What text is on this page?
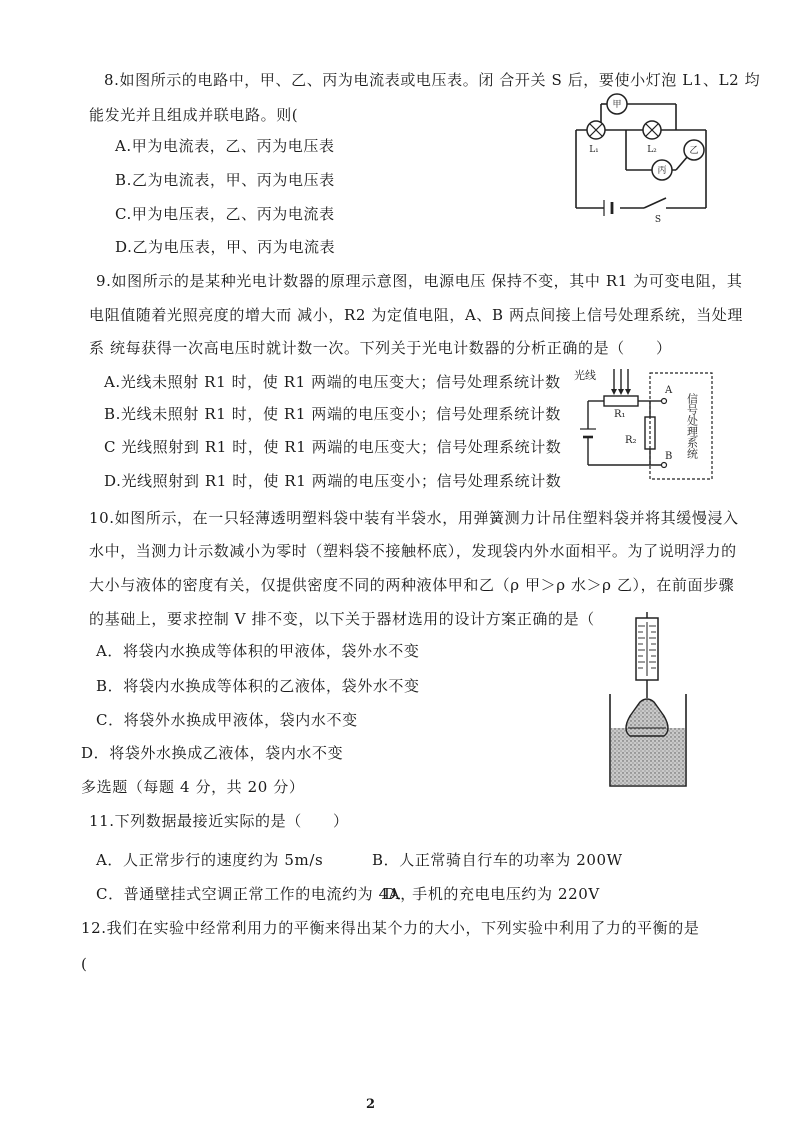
8.如图所示的电路中，甲、乙、丙为电流表或电压表。闭 合开关 S 后，要使小灯泡 L1、L2 均
能发光并且组成并联电路。则(
A.甲为电流表，乙、丙为电压表
B.乙为电流表，甲、丙为电压表
C.甲为电压表，乙、丙为电流表
D.乙为电压表，甲、丙为电流表
甲
乙
丙
L₁	L₂
S
9.如图所示的是某种光电计数器的原理示意图，电源电压 保持不变，其中 R1 为可变电阻，其
电阻值随着光照亮度的增大而 减小，R2 为定值电阻，A、B 两点间接上信号处理系统，当处理
系 统每获得一次高电压时就计数一次。下列关于光电计数器的分析正确的是（　　）
A.光线未照射 R1 时，使 R1 两端的电压变大；信号处理系统计数
B.光线未照射 R1 时，使 R1 两端的电压变小；信号处理系统计数
C 光线照射到 R1 时，使 R1 两端的电压变大；信号处理系统计数
D.光线照射到 R1 时，使 R1 两端的电压变小；信号处理系统计数
光线
R₁
R₂
A
B 信号处理系统
10.如图所示，在一只轻薄透明塑料袋中装有半袋水，用弹簧测力计吊住塑料袋并将其缓慢浸入
水中，当测力计示数减小为零时（塑料袋不接触杯底），发现袋内外水面相平。为了说明浮力的
大小与液体的密度有关，仅提供密度不同的两种液体甲和乙（ρ 甲＞ρ 水＞ρ 乙），在前面步骤
的基础上，要求控制 V 排不变，以下关于器材选用的设计方案正确的是（
A．将袋内水换成等体积的甲液体，袋外水不变
B．将袋内水换成等体积的乙液体，袋外水不变
C．将袋外水换成甲液体，袋内水不变
D．将袋外水换成乙液体，袋内水不变
多选题（每题 4 分，共 20 分）
11.下列数据最接近实际的是（　　）
A．人正常步行的速度约为 5m/s	B．人正常骑自行车的功率为 200W
C．普通壁挂式空调正常工作的电流约为 4A，
D．手机的充电电压约为 220V
12.我们在实验中经常利用力的平衡来得出某个力的大小，下列实验中利用了力的平衡的是
(
2
